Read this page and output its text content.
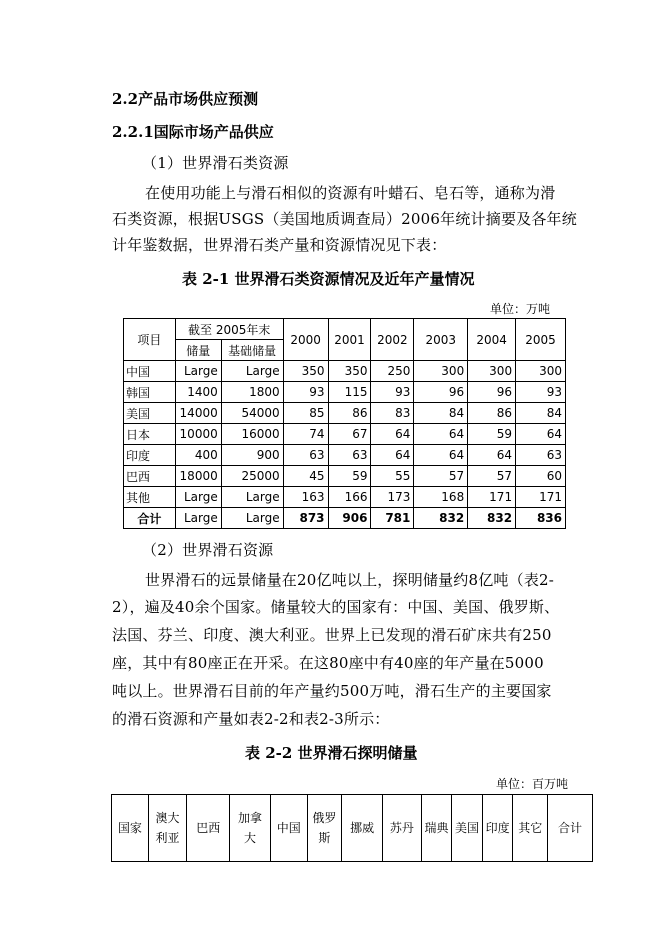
2.2产品市场供应预测
2.2.1国际市场产品供应
（1）世界滑石类资源
在使用功能上与滑石相似的资源有叶蜡石、皂石等，通称为滑
石类资源，根据USGS（美国地质调查局）2006年统计摘要及各年统
计年鉴数据，世界滑石类产量和资源情况见下表：
表 2-1 世界滑石类资源情况及近年产量情况
单位：万吨
项目	截至 2005年末		2000	2001	2002	2003	2004	2005
	储量	基础储量						
中国	Large	Large	350	350	250	300	300	300
韩国	1400	1800	93	115	93	96	96	93
美国	14000	54000	85	86	83	84	86	84
日本	10000	16000	74	67	64	64	59	64
印度	400	900	63	63	64	64	64	63
巴西	18000	25000	45	59	55	57	57	60
其他	Large	Large	163	166	173	168	171	171
合计	Large	Large	873	906	781	832	832	836
（2）世界滑石资源
世界滑石的远景储量在20亿吨以上，探明储量约8亿吨（表2-
2），遍及40余个国家。储量较大的国家有：中国、美国、俄罗斯、
法国、芬兰、印度、澳大利亚。世界上已发现的滑石矿床共有250
座，其中有80座正在开采。在这80座中有40座的年产量在5000
吨以上。世界滑石目前的年产量约500万吨，滑石生产的主要国家
的滑石资源和产量如表2-2和表2-3所示：
表 2-2 世界滑石探明储量
单位：百万吨
国家	澳大利亚	巴西	加拿大	中国	俄罗斯	挪威	苏丹	瑞典	美国	印度	其它	合计
